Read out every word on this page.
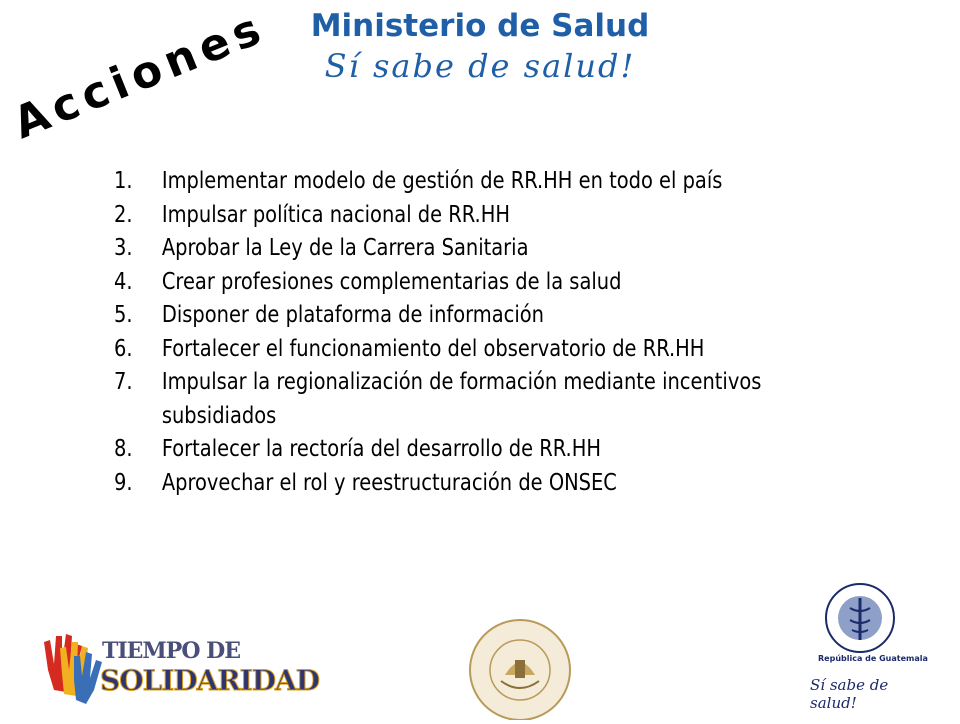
Ministerio de Salud
Sí sabe de salud!
Acciones
1. Implementar modelo de gestión de RR.HH en todo el país
2. Impulsar política nacional de RR.HH
3. Aprobar la Ley de la Carrera Sanitaria
4. Crear profesiones complementarias de la salud
5. Disponer de plataforma de información
6. Fortalecer el funcionamiento del observatorio de RR.HH
7. Impulsar la regionalización de formación mediante incentivos subsidiados
8. Fortalecer la rectoría del desarrollo de RR.HH
9. Aprovechar el rol y reestructuración de ONSEC
TIEMPO DE
SOLIDARIDAD
República de Guatemala
Sí sabe de salud!
